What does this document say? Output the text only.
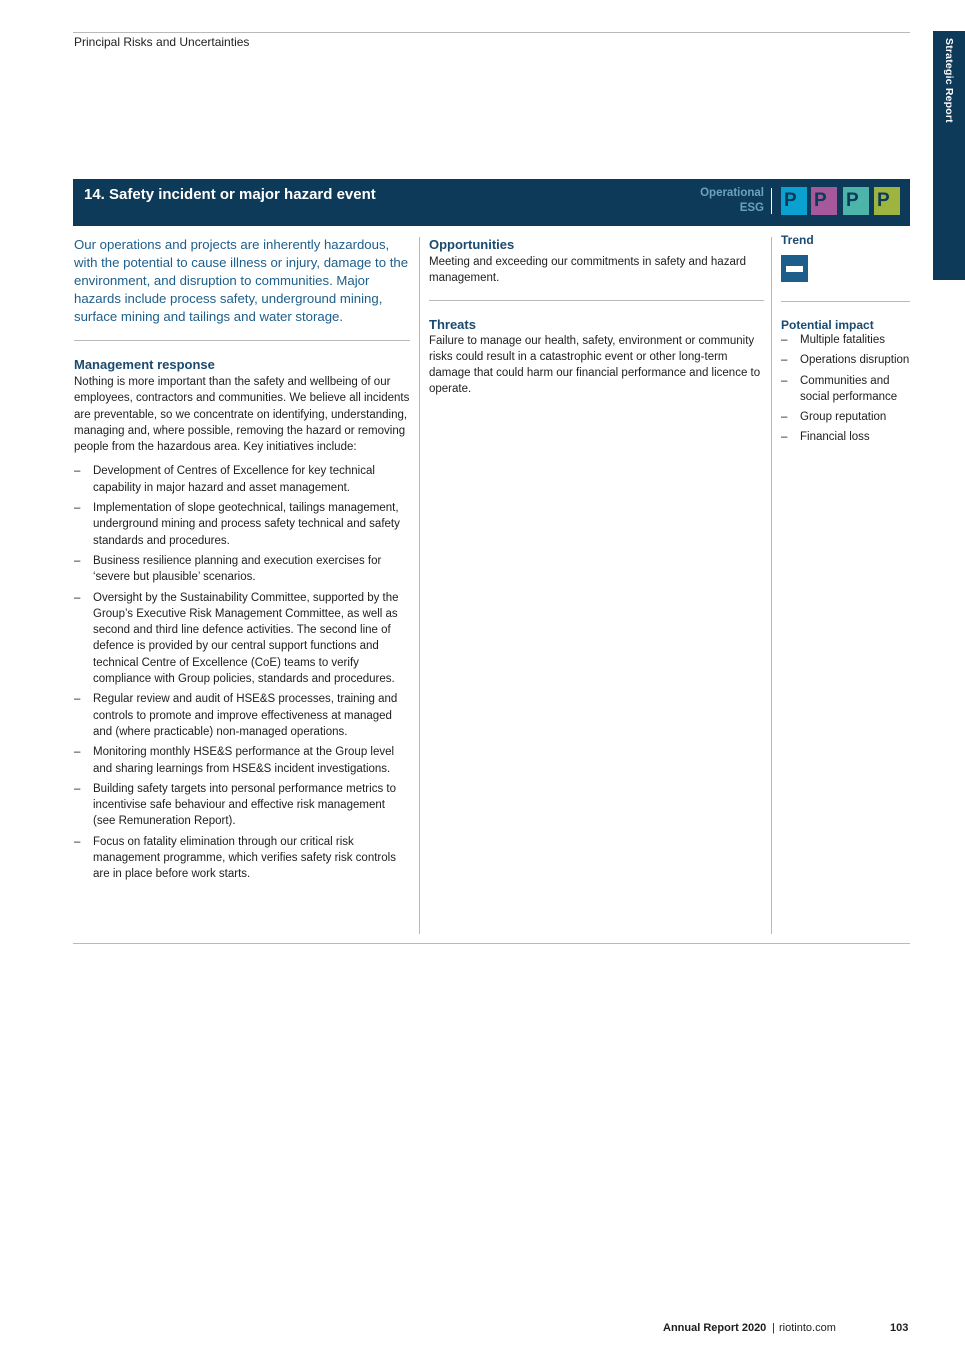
Principal Risks and Uncertainties	Strategic Report
14. Safety incident or major hazard event	Operational
ESG P P	P P

Our operations and projects are inherently hazardous, with the potential to cause illness or injury, damage to the environment, and disruption to communities. Major hazards include process safety, underground mining, surface mining and tailings and water storage.

Management response

Nothing is more important than the safety and wellbeing of our employees, contractors and communities. We believe all incidents are preventable, so we concentrate on identifying, understanding, managing and, where possible, removing the hazard or removing people from the hazardous area. Key initiatives include:

– Development of Centres of Excellence for key technical capability in major hazard and asset management.
– Implementation of slope geotechnical, tailings management, underground mining and process safety technical and safety standards and procedures.
– Business resilience planning and execution exercises for ‘severe but plausible’ scenarios.
– Oversight by the Sustainability Committee, supported by the Group’s Executive Risk Management Committee, as well as second and third line defence activities. The second line of defence is provided by our central support functions and technical Centre of Excellence (CoE) teams to verify compliance with Group policies, standards and procedures.
– Regular review and audit of HSE&S processes, training and controls to promote and improve effectiveness at managed and (where practicable) non-managed operations.
– Monitoring monthly HSE&S performance at the Group level and sharing learnings from HSE&S incident investigations.
– Building safety targets into personal performance metrics to incentivise safe behaviour and effective risk management (see Remuneration Report).
– Focus on fatality elimination through our critical risk management programme, which verifies safety risk controls are in place before work starts.
Opportunities

Meeting and exceeding our commitments in safety and hazard management.

Threats

Failure to manage our health, safety, environment or community risks could result in a catastrophic event or other long-term damage that could harm our financial performance and licence to operate.

Trend
Potential impact
– Multiple fatalities
– Operations disruption
– Communities and social performance
– Group reputation
– Financial loss
Annual Report 2020 | riotinto.com	103
